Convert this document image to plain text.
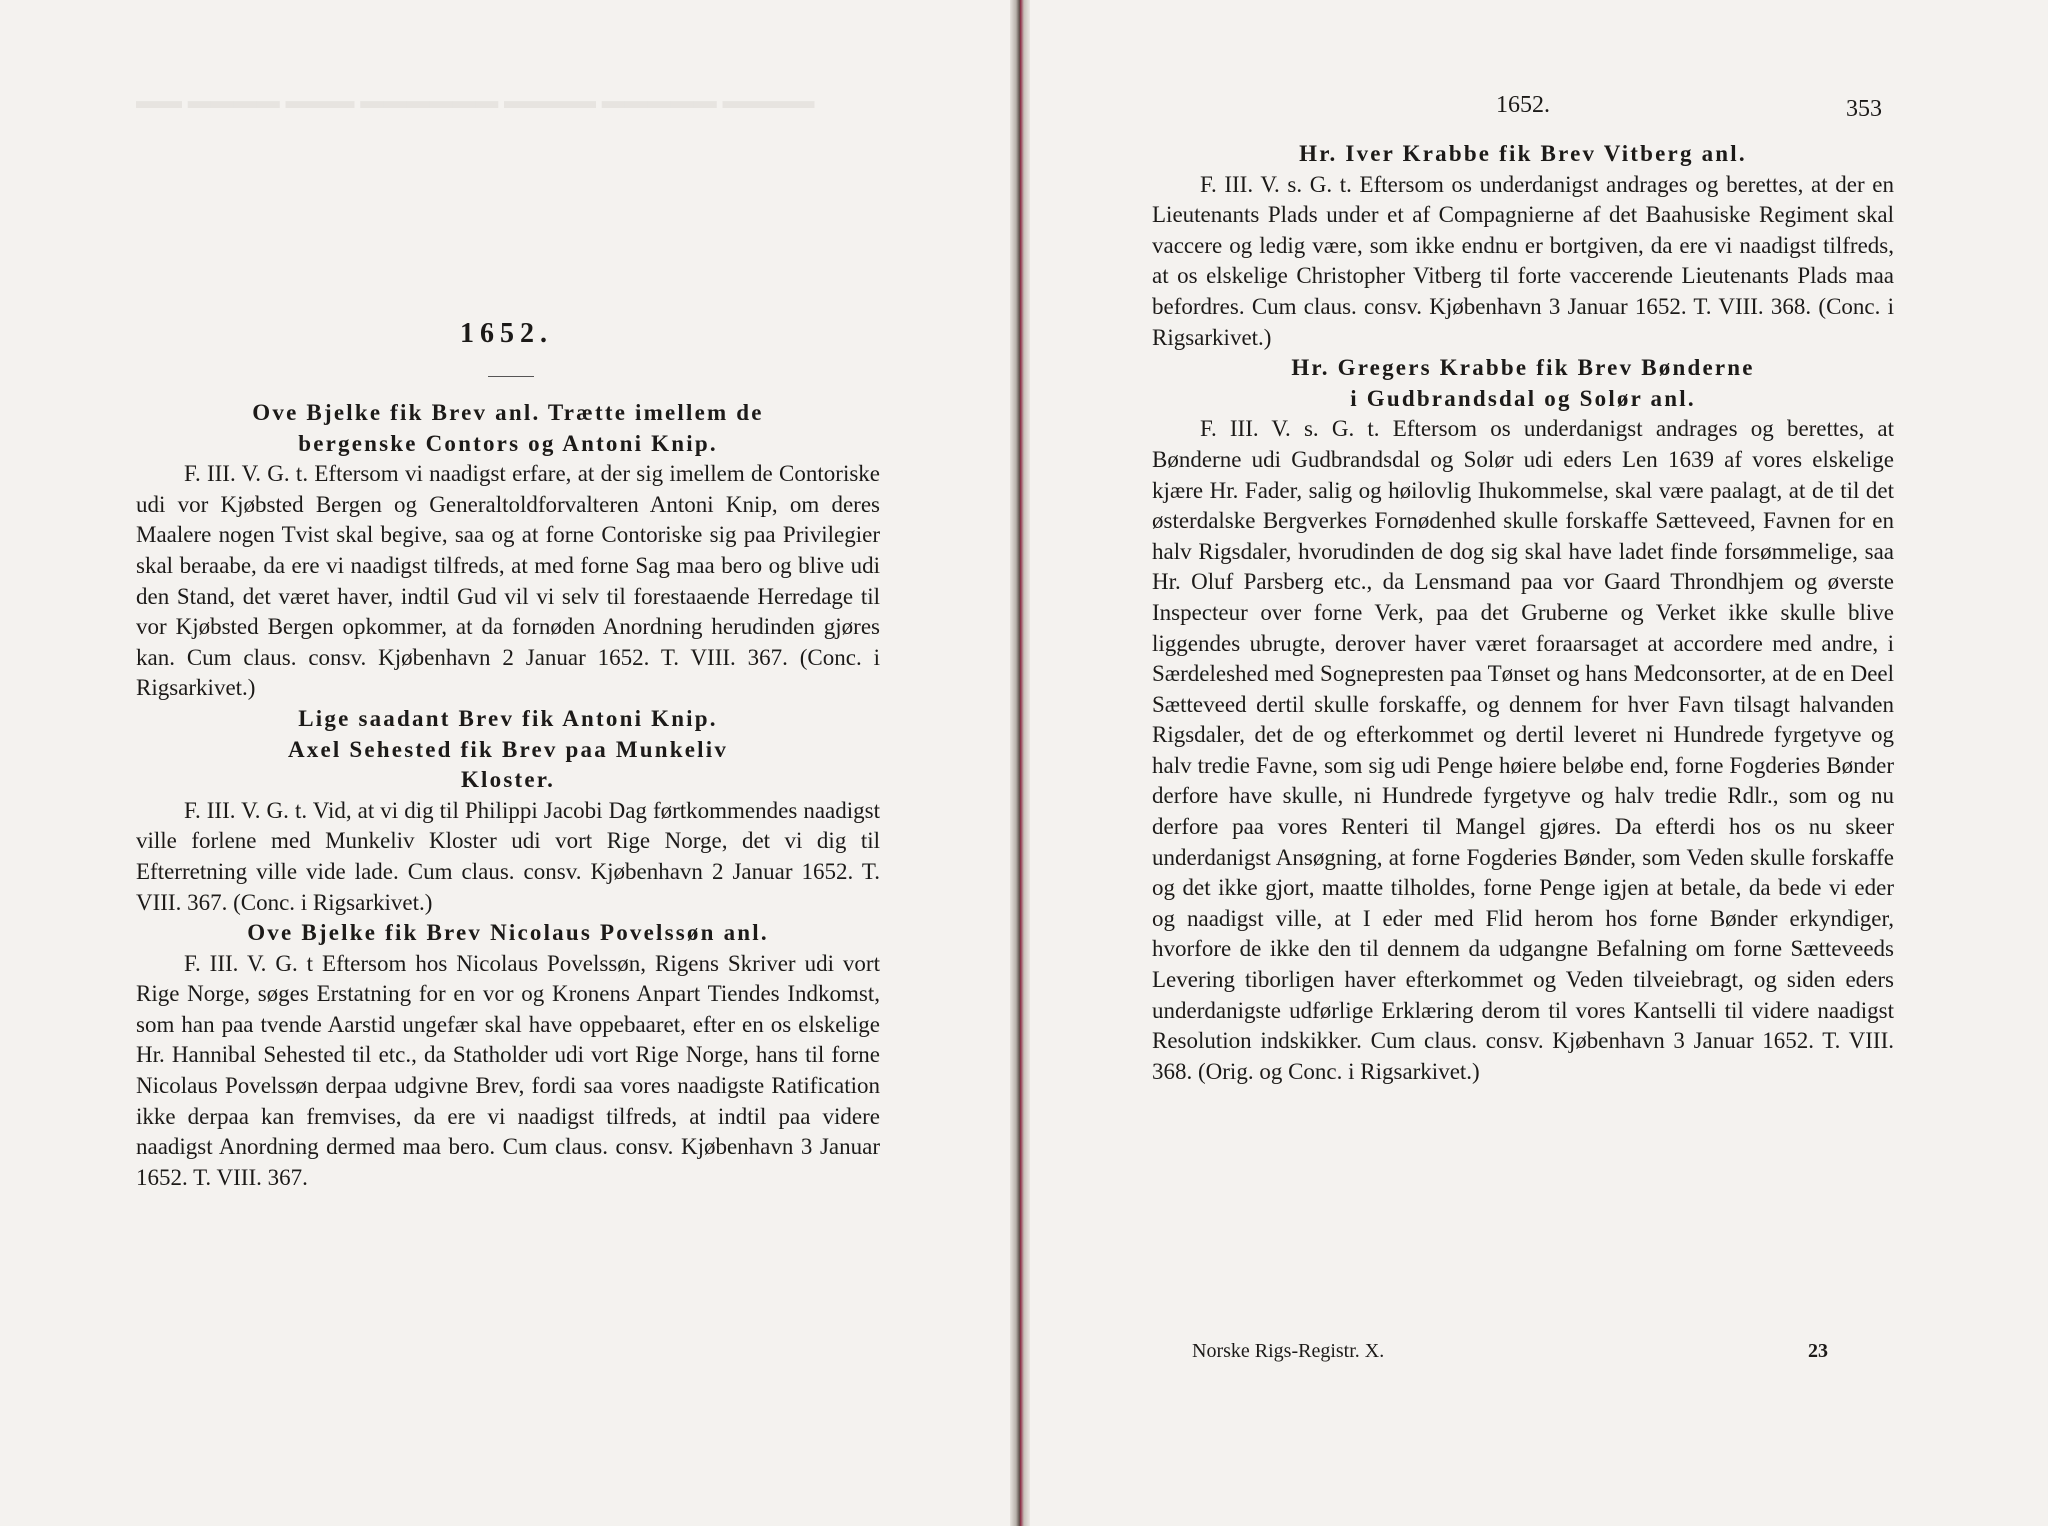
▬▬ ▬▬▬▬ ▬▬▬ ▬▬▬▬▬▬ ▬▬▬▬ ▬▬▬▬▬ ▬▬▬▬
1652.

Ove Bjelke fik Brev anl. Trætte imellem de
bergenske Contors og Antoni Knip.

F. III. V. G. t. Eftersom vi naadigst erfare, at der sig imellem de Contoriske udi vor Kjøbsted Bergen og Generaltoldforvalteren Antoni Knip, om deres Maalere nogen Tvist skal begive, saa og at forne Contoriske sig paa Privilegier skal beraabe, da ere vi naadigst tilfreds, at med forne Sag maa bero og blive udi den Stand, det været haver, indtil Gud vil vi selv til forestaaende Herredage til vor Kjøbsted Bergen opkommer, at da fornøden Anordning herudinden gjøres kan. Cum claus. consv. Kjøbenhavn 2 Januar 1652. T. VIII. 367. (Conc. i Rigsarkivet.)

Lige saadant Brev fik Antoni Knip.

Axel Sehested fik Brev paa Munkeliv
Kloster.

F. III. V. G. t. Vid, at vi dig til Philippi Jacobi Dag førtkommendes naadigst ville forlene med Munkeliv Kloster udi vort Rige Norge, det vi dig til Efterretning ville vide lade. Cum claus. consv. Kjøbenhavn 2 Januar 1652. T. VIII. 367. (Conc. i Rigsarkivet.)

Ove Bjelke fik Brev Nicolaus Povelssøn anl.

F. III. V. G. t Eftersom hos Nicolaus Povelssøn, Rigens Skriver udi vort Rige Norge, søges Erstatning for en vor og Kronens Anpart Tiendes Indkomst, som han paa tvende Aarstid ungefær skal have oppebaaret, efter en os elskelige Hr. Hannibal Sehested til etc., da Statholder udi vort Rige Norge, hans til forne Nicolaus Povelssøn derpaa udgivne Brev, fordi saa vores naadigste Ratification ikke derpaa kan fremvises, da ere vi naadigst tilfreds, at indtil paa videre naadigst Anordning dermed maa bero. Cum claus. consv. Kjøbenhavn 3 Januar 1652. T. VIII. 367.

1652.	353
Norske Rigs-Registr. X.	23

Hr. Iver Krabbe fik Brev Vitberg anl.

F. III. V. s. G. t. Eftersom os underdanigst andrages og berettes, at der en Lieutenants Plads under et af Compagnierne af det Baahusiske Regiment skal vaccere og ledig være, som ikke endnu er bortgiven, da ere vi naadigst tilfreds, at os elskelige Christopher Vitberg til forte vaccerende Lieutenants Plads maa befordres. Cum claus. consv. Kjøbenhavn 3 Januar 1652. T. VIII. 368. (Conc. i Rigsarkivet.)

Hr. Gregers Krabbe fik Brev Bønderne
i Gudbrandsdal og Solør anl.

F. III. V. s. G. t. Eftersom os underdanigst andrages og berettes, at Bønderne udi Gudbrandsdal og Solør udi eders Len 1639 af vores elskelige kjære Hr. Fader, salig og høilovlig Ihukommelse, skal være paalagt, at de til det østerdalske Bergverkes Fornødenhed skulle forskaffe Sætteveed, Favnen for en halv Rigsdaler, hvorudinden de dog sig skal have ladet finde forsømmelige, saa Hr. Oluf Parsberg etc., da Lensmand paa vor Gaard Throndhjem og øverste Inspecteur over forne Verk, paa det Gruberne og Verket ikke skulle blive liggendes ubrugte, derover haver været foraarsaget at accordere med andre, i Særdeleshed med Sognepresten paa Tønset og hans Medconsorter, at de en Deel Sætteveed dertil skulle forskaffe, og dennem for hver Favn tilsagt halvanden Rigsdaler, det de og efterkommet og dertil leveret ni Hundrede fyrgetyve og halv tredie Favne, som sig udi Penge høiere beløbe end, forne Fogderies Bønder derfore have skulle, ni Hundrede fyrgetyve og halv tredie Rdlr., som og nu derfore paa vores Renteri til Mangel gjøres. Da efterdi hos os nu skeer underdanigst Ansøgning, at forne Fogderies Bønder, som Veden skulle forskaffe og det ikke gjort, maatte tilholdes, forne Penge igjen at betale, da bede vi eder og naadigst ville, at I eder med Flid herom hos forne Bønder erkyndiger, hvorfore de ikke den til dennem da udgangne Befalning om forne Sætteveeds Levering tiborligen haver efterkommet og Veden tilveiebragt, og siden eders underdanigste udførlige Erklæring derom til vores Kantselli til videre naadigst Resolution indskikker. Cum claus. consv. Kjøbenhavn 3 Januar 1652. T. VIII. 368. (Orig. og Conc. i Rigsarkivet.)
